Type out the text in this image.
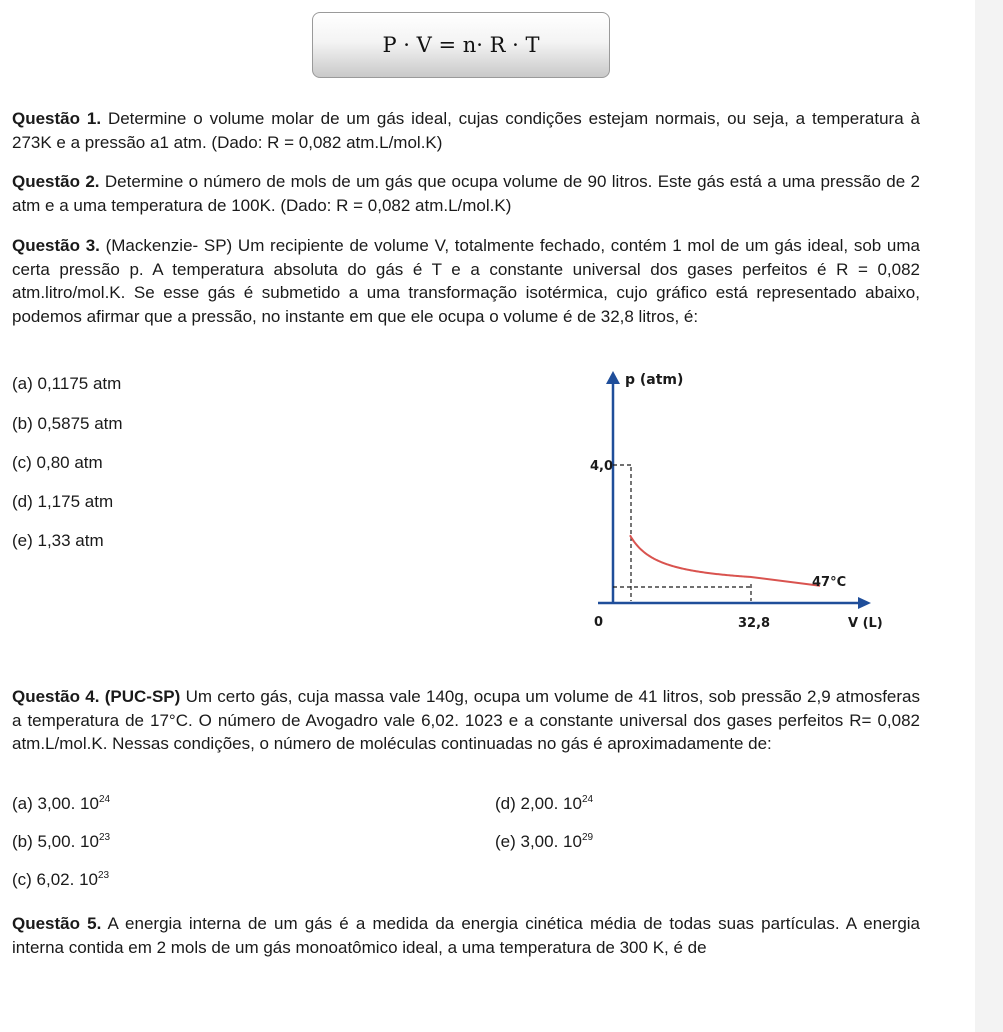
P · V = n· R · T

Questão 1. Determine o volume molar de um gás ideal, cujas condições estejam normais, ou seja, a temperatura à 273K e a pressão a1 atm. (Dado: R = 0,082 atm.L/mol.K)

Questão 2. Determine o número de mols de um gás que ocupa volume de 90 litros. Este gás está a uma pressão de 2 atm e a uma temperatura de 100K. (Dado: R = 0,082 atm.L/mol.K)

Questão 3. (Mackenzie- SP) Um recipiente de volume V, totalmente fechado, contém 1 mol de um gás ideal, sob uma certa pressão p. A temperatura absoluta do gás é T e a constante universal dos gases perfeitos é R = 0,082 atm.litro/mol.K. Se esse gás é submetido a uma transformação isotérmica, cujo gráfico está representado abaixo, podemos afirmar que a pressão, no instante em que ele ocupa o volume é de 32,8 litros, é:

(a) 0,1175 atm
(b) 0,5875 atm
(c) 0,80 atm
(d) 1,175 atm
(e) 1,33 atm
p (atm)
4,0
0	32,8	V (L)
47°C

Questão 4. (PUC-SP) Um certo gás, cuja massa vale 140g, ocupa um volume de 41 litros, sob pressão 2,9 atmosferas a temperatura de 17°C. O número de Avogadro vale 6,02. 1023 e a constante universal dos gases perfeitos R= 0,082 atm.L/mol.K. Nessas condições, o número de moléculas continuadas no gás é aproximadamente de:

(a) 3,00. $10^{24}$	(d) 2,00. $10^{24}$
(b) 5,00. $10^{23}$	(e) 3,00. $10^{29}$
(c) 6,02. $10^{23}$

Questão 5. A energia interna de um gás é a medida da energia cinética média de todas suas partículas. A energia interna contida em 2 mols de um gás monoatômico ideal, a uma temperatura de 300 K, é de
